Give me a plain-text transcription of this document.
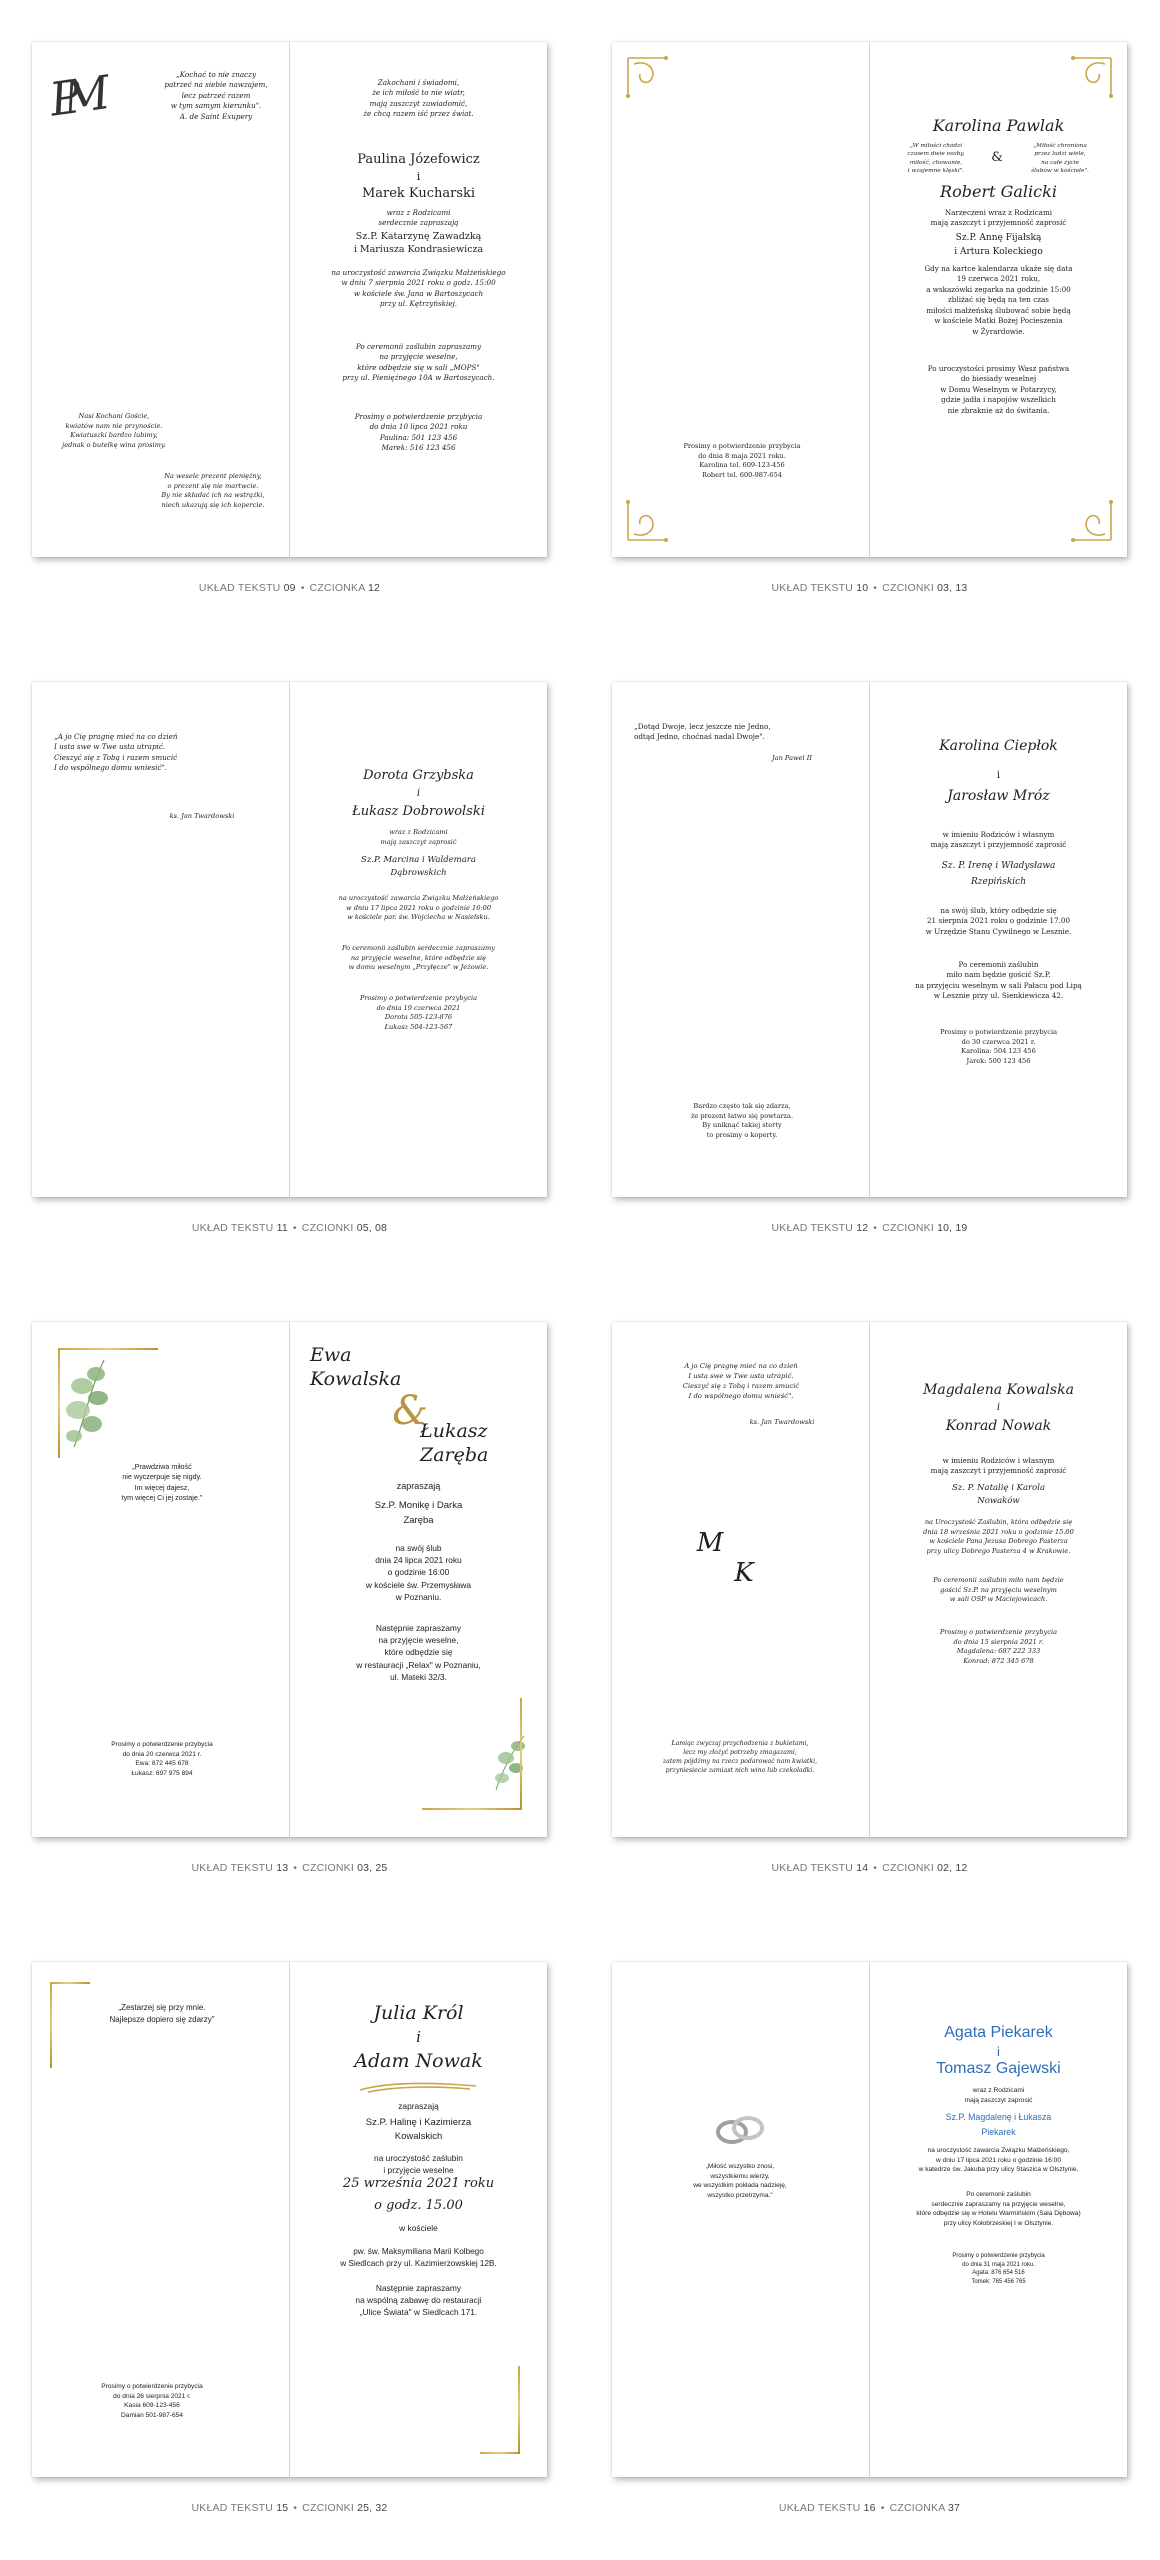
PM	„Kochać to nie znaczy
patrzeć na siebie nawzajem,
lecz patrzeć razem
w tym samym kierunku".
A. de Saint Exupery
Nasi Kochani Goście,
kwiatów nam nie przynoście.
Kwiatuszki bardzo lubimy,
jednak o butelkę wina prosimy.
Na wesele prezent pieniężny,
o prezent się nie martwcie.
By nie składać ich na wstrążki,
niech ukazują się ich kopercie.
Zakochani i świadomi,
że ich miłość to nie wiatr,
mają zaszczyt zawiadomić,
że chcą razem iść przez świat.
Paulina Józefowicz
i
Marek Kucharski
wraz z Rodzicami
serdecznie zapraszają
Sz.P. Katarzynę Zawadzką
i Mariusza Kondrasiewicza
na uroczystość zawarcia Związku Małżeńskiego
w dniu 7 sierpnia 2021 roku o godz. 15:00
w kościele św. Jana w Bartoszycach
przy ul. Kętrzyńskiej.
Po ceremonii zaślubin zapraszamy
na przyjęcie weselne,
które odbędzie się w sali „MOPS"
przy ul. Pieniężnego 10A w Bartoszycach.
Prosimy o potwierdzenie przybycia
do dnia 10 lipca 2021 roku
Paulina: 501 123 456
Marek: 516 123 456
UKŁAD TEKSTU 09 • CZCIONKA 12
Prosimy o potwierdzenie przybycia
do dnia 8 maja 2021 roku.
Karolina tel. 609-123-456
Robert tel. 600-987-654
Karolina Pawlak
„W miłości chodzi
czasem dwie osoby,
miłość, chowanie,
i wzajemne klęski".
&
„Miłość chroniona
przez ludzi wiele,
na całe życie
ślubów w kościele".
Robert Galicki
Narzeczeni wraz z Rodzicami
mają zaszczyt i przyjemność zaprosić
Sz.P. Annę Fijałską
i Artura Koleckiego
Gdy na kartce kalendarza ukaże się data
19 czerwca 2021 roku,
a wskazówki zegarka na godzinie 15:00
zbliżać się będą na ten czas
miłości małżeńską ślubować sobie będą
w kościele Matki Bożej Pocieszenia
w Żyrardowie.
Po uroczystości prosimy Wasz państwa
do biesiady weselnej
w Domu Weselnym w Potarzycy,
gdzie jadła i napojów wszelkich
nie zbraknie aż do świtania.
UKŁAD TEKSTU 10 • CZCIONKI 03, 13
„A jo Cię pragnę mieć na co dzień
I usta swe w Twe usta utrapić.
Cieszyć się z Tobą i razem smucić
I do wspólnego domu wniesić".
ks. Jan Twardowski
Dorota Grzybska
i
Łukasz Dobrowolski
wraz z Rodzicami
mają zaszczyt zaprosić
Sz.P. Marcina i Waldemara
Dąbrowskich
na uroczystość zawarcia Związku Małżeńskiego
w dniu 17 lipca 2021 roku o godzinie 16:00
w kościele par. św. Wojciecha w Nasielsku.
Po ceremonii zaślubin serdecznie zapraszamy
na przyjęcie weselne, które odbędzie się
w domu weselnym „Przyłęcze" w Jeżowie.
Prosimy o potwierdzenie przybycia
do dnia 19 czerwca 2021
Dorota 505-123-876
Łukasz 504-123-567
UKŁAD TEKSTU 11 • CZCIONKI 05, 08
„Dotąd Dwoje, lecz jeszcze nie Jedno,
odtąd Jedno, choćnaś nadal Dwoje".
Jan Pawel II
Bardzo często tak się zdarza,
że prezent łatwo się powtarza.
By uniknąć takiej sterty
to prosimy o koperty.
Karolina Ciepłok
i
Jarosław Mróz
w imieniu Rodziców i własnym
mają zaszczyt i przyjemność zaprosić
Sz. P. Irenę i Władysława
Rzepińskich
na swój ślub, który odbędzie się
21 sierpnia 2021 roku o godzinie 17.00
w Urzędzie Stanu Cywilnego w Lesznie.
Po ceremonii zaślubin
miło nam będzie gościć Sz.P.
na przyjęciu weselnym w sali Pałacu pod Lipą
w Lesznie przy ul. Sienkiewicza 42.
Prosimy o potwierdzenie przybycia
do 30 czerwca 2021 r.
Karolina: 504 123 456
Jarek: 500 123 456
UKŁAD TEKSTU 12 • CZCIONKI 10, 19
„Prawdziwa miłość
nie wyczerpuje się nigdy.
Im więcej dajesz,
tym więcej Ci jej zostaje."
Prosimy o potwierdzenie przybycia
do dnia 20 czerwca 2021 r.
Ewa: 872 445 678
Łukasz: 697 975 894
Ewa
Kowalska
&
Łukasz
Zaręba
zapraszają
Sz.P. Monikę i Darka
Zaręba
na swój ślub
dnia 24 lipca 2021 roku
o godzinie 16:00
w kościele św. Przemysława
w Poznaniu.
Następnie zapraszamy
na przyjęcie weselne,
które odbędzie się
w restauracji „Relax" w Poznaniu,
ul. Mateki 32/3.
UKŁAD TEKSTU 13 • CZCIONKI 03, 25
A jo Cię pragnę mieć na co dzień
I usta swe w Twe usta utrapić.
Cieszyć się z Tobą i razem smucić
I do wspólnego domu wnieść".
ks. Jan Twardowski
M
K
Łamiąc zwyczaj przychodzenia z bukietami,
lecz my złożyć potrzeby zmagazami,
zatem pójdźmy na rzecz podarować nam kwiatki,
przyniesiecie zamiast nich wino lub czekoladki.
Magdalena Kowalska
i
Konrad Nowak
w imieniu Rodziców i własnym
mają zaszczyt i przyjemność zaprosić
Sz. P. Natalię i Karola
Nowaków
na Uroczystość Zaślubin, która odbędzie się
dnia 18 września 2021 roku o godzinie 15.00
w kościele Pana Jezusa Dobrego Pasterza
przy ulicy Dobrego Pasterza 4 w Krakowie.
Po ceremonii zaślubin miło nam będzie
gościć Sz.P. na przyjęciu weselnym
w sali OSP w Maciejowicach.
Prosimy o potwierdzenie przybycia
do dnia 15 sierpnia 2021 r.
Magdalena: 687 222 333
Konrad: 872 345 678
UKŁAD TEKSTU 14 • CZCIONKI 02, 12
„Zestarzej się przy mnie.
Najlepsze dopiero się zdarzy"
Prosimy o potwierdzenie przybycia
do dnia 26 sierpnia 2021 r.
Kasia 609-123-456
Damian 501-987-654
Julia Król
i
Adam Nowak
zapraszają
Sz.P. Halinę i Kazimierza
Kowalskich
na uroczystość zaślubin
i przyjęcie weselne
25 września 2021 roku
o godz. 15.00
w kościele
pw. św. Maksymiliana Marii Kolbego
w Siedlcach przy ul. Kazimierzowskiej 12B.
Następnie zapraszamy
na wspólną zabawę do restauracji
„Ulice Świata" w Siedlcach 171.
UKŁAD TEKSTU 15 • CZCIONKI 25, 32
„Miłość wszystko znosi,
wszystkiemu wierzy,
we wszystkim pokłada nadzieję,
wszystko przetrzyma."
Agata Piekarek
i
Tomasz Gajewski
wraz z Rodzicami
mają zaszczyt zaprosić
Sz.P. Magdalenę i Łukasza
Piekarek
na uroczystość zawarcia Związku Małżeńskiego,
w dniu 17 lipca 2021 roku o godzinie 16:00
w katedrze św. Jakuba przy ulicy Staszica w Olsztynie.
Po ceremonii zaślubin
serdecznie zapraszamy na przyjęcie weselne,
które odbędzie się w Hotelu Warmińskim (Sala Dębowa)
przy ulicy Kołobrzeskiej I w Olsztynie.
Prosimy o potwierdzenie przybycia
do dnia 31 maja 2021 roku.
Agata: 876 654 516
Tomek: 765 456 765
UKŁAD TEKSTU 16 • CZCIONKA 37
